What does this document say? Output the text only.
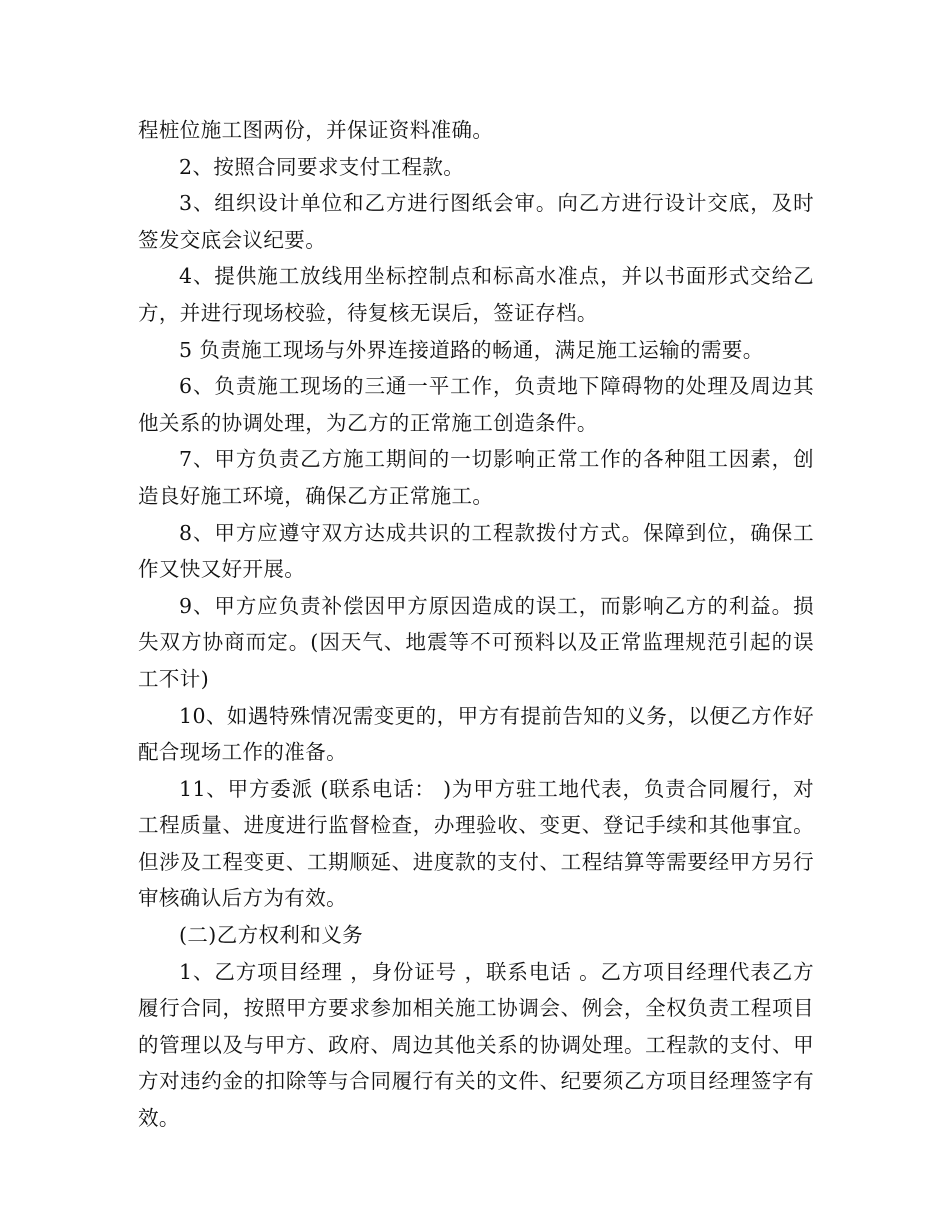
程桩位施工图两份，并保证资料准确。

2、按照合同要求支付工程款。

3、组织设计单位和乙方进行图纸会审。向乙方进行设计交底，及时签发交底会议纪要。

4、提供施工放线用坐标控制点和标高水准点，并以书面形式交给乙方，并进行现场校验，待复核无误后，签证存档。

5 负责施工现场与外界连接道路的畅通，满足施工运输的需要。

6、负责施工现场的三通一平工作，负责地下障碍物的处理及周边其他关系的协调处理，为乙方的正常施工创造条件。

7、甲方负责乙方施工期间的一切影响正常工作的各种阻工因素，创造良好施工环境，确保乙方正常施工。

8、甲方应遵守双方达成共识的工程款拨付方式。保障到位，确保工作又快又好开展。

9、甲方应负责补偿因甲方原因造成的误工，而影响乙方的利益。损失双方协商而定。(因天气、地震等不可预料以及正常监理规范引起的误工不计)

10、如遇特殊情况需变更的，甲方有提前告知的义务，以便乙方作好配合现场工作的准备。

11、甲方委派 (联系电话： )为甲方驻工地代表，负责合同履行，对工程质量、进度进行监督检查，办理验收、变更、登记手续和其他事宜。但涉及工程变更、工期顺延、进度款的支付、工程结算等需要经甲方另行审核确认后方为有效。

(二)乙方权利和义务

1、乙方项目经理 ，身份证号 ，联系电话 。乙方项目经理代表乙方履行合同，按照甲方要求参加相关施工协调会、例会，全权负责工程项目的管理以及与甲方、政府、周边其他关系的协调处理。工程款的支付、甲方对违约金的扣除等与合同履行有关的文件、纪要须乙方项目经理签字有效。
